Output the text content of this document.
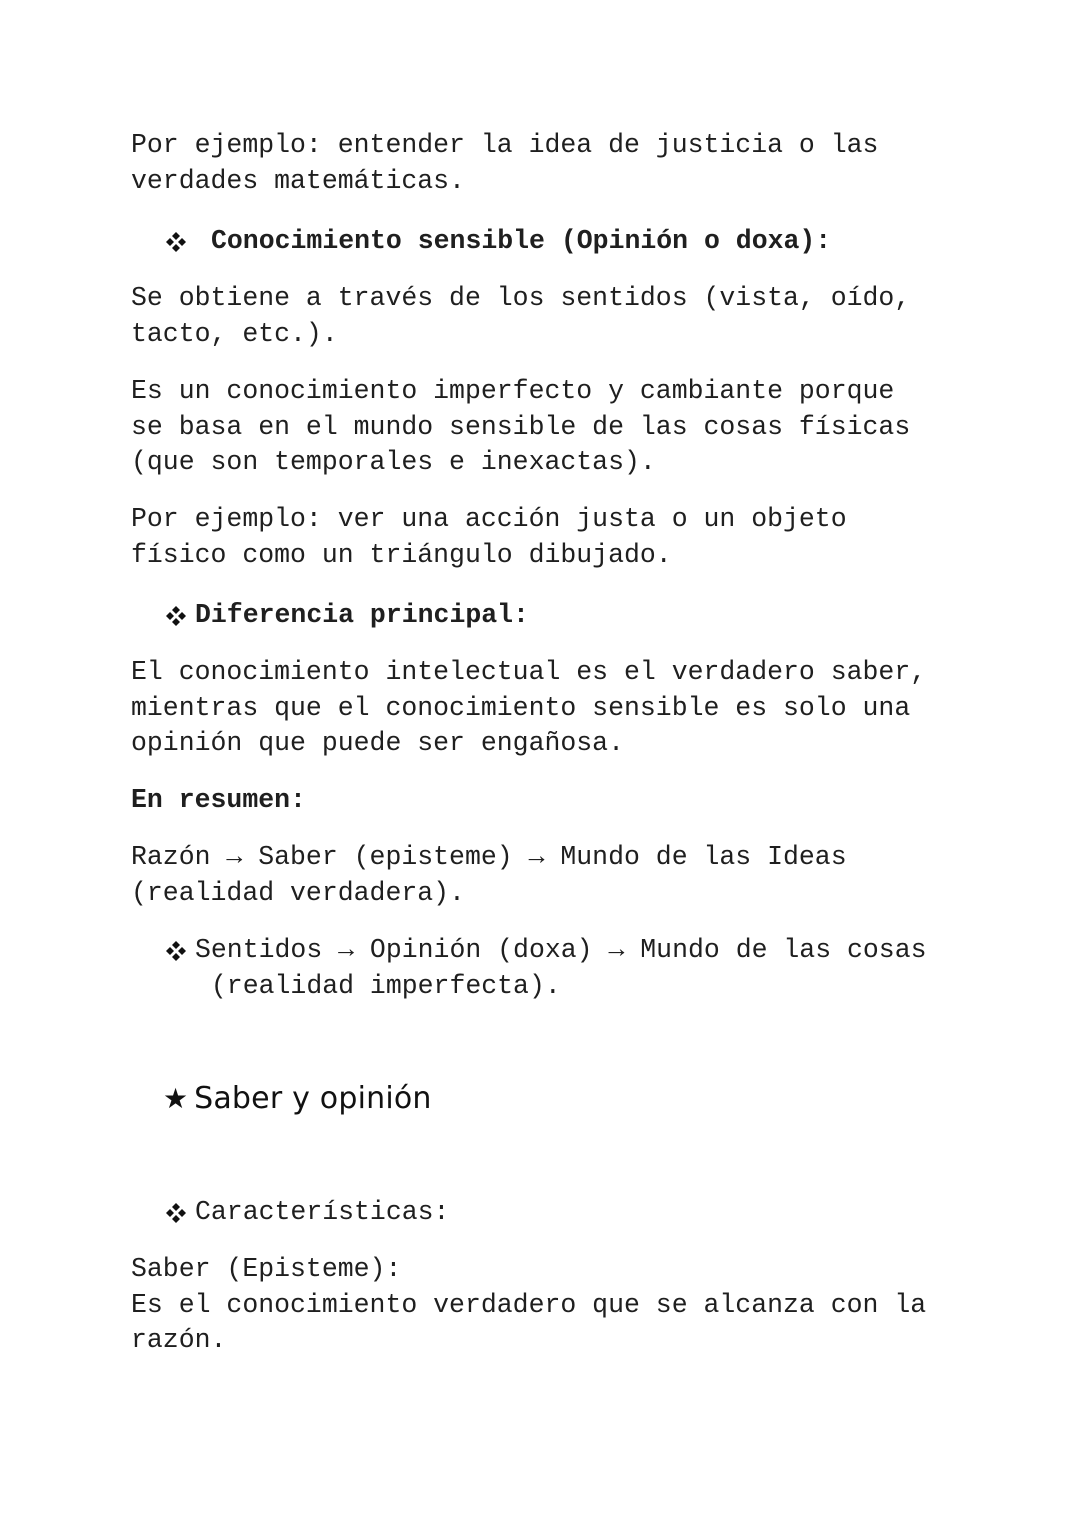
Por ejemplo: entender la idea de justicia o las
verdades matemáticas.
Conocimiento sensible (Opinión o doxa):
Se obtiene a través de los sentidos (vista, oído,
tacto, etc.).
Es un conocimiento imperfecto y cambiante porque
se basa en el mundo sensible de las cosas físicas
(que son temporales e inexactas).
Por ejemplo: ver una acción justa o un objeto
físico como un triángulo dibujado.
Diferencia principal:
El conocimiento intelectual es el verdadero saber,
mientras que el conocimiento sensible es solo una
opinión que puede ser engañosa.
En resumen:
Razón → Saber (episteme) → Mundo de las Ideas
(realidad verdadera).
Sentidos → Opinión (doxa) → Mundo de las cosas
(realidad imperfecta).
★ Saber y opinión
Características:
Saber (Episteme):
Es el conocimiento verdadero que se alcanza con la
razón.
